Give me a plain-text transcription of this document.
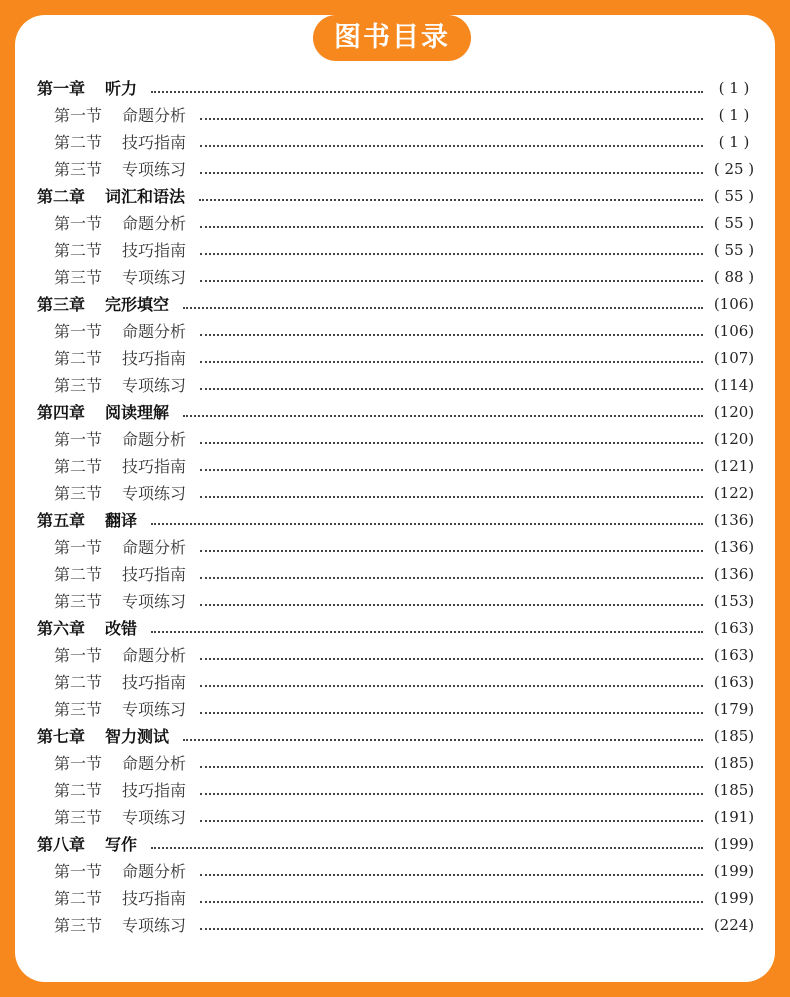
图书目录
第一章 听力	( 1 )
第一节 命题分析	( 1 )
第二节 技巧指南	( 1 )
第三节 专项练习	( 25 )
第二章 词汇和语法	( 55 )
第一节 命题分析	( 55 )
第二节 技巧指南	( 55 )
第三节 专项练习	( 88 )
第三章 完形填空	(106)
第一节 命题分析	(106)
第二节 技巧指南	(107)
第三节 专项练习	(114)
第四章 阅读理解	(120)
第一节 命题分析	(120)
第二节 技巧指南	(121)
第三节 专项练习	(122)
第五章 翻译	(136)
第一节 命题分析	(136)
第二节 技巧指南	(136)
第三节 专项练习	(153)
第六章 改错	(163)
第一节 命题分析	(163)
第二节 技巧指南	(163)
第三节 专项练习	(179)
第七章 智力测试	(185)
第一节 命题分析	(185)
第二节 技巧指南	(185)
第三节 专项练习	(191)
第八章 写作	(199)
第一节 命题分析	(199)
第二节 技巧指南	(199)
第三节 专项练习	(224)
